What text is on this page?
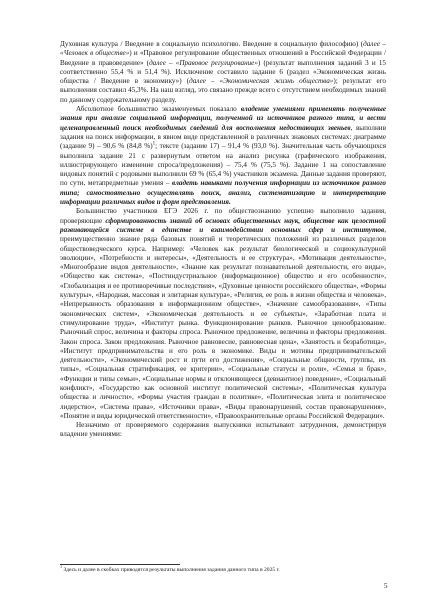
Духовная культура / Введение в социальную психологию. Введение в социальную философию) (далее – «Человек в обществе») и «Правовое регулирование общественных отношений в Российской Федерации / Введение в правоведение» (далее – «Правовое регулирование») (результат выполнения заданий 3 и 15 соответственно 55,4 % и 51,4 %). Исключение составило задание 6 (раздел «Экономическая жизнь общества / Введение в экономику») (далее – «Экономическая жизнь общества»); результат его выполнения составил 45,3%. На наш взгляд, это связано прежде всего с отсутствием необходимых знаний по данному содержательному разделу.

Абсолютное большинство экзаменуемых показало владение умениями применять полученные знания при анализе социальной информации, полученной из источников разного типа, и вести целенаправленный поиск необходимых сведений для восполнения недостающих звеньев, выполнив задания на поиск информации, в явном виде представленной в различных знаковых системах: диаграмме (задание 9) – 90,6 % (84,8 %)$^1$; тексте (задание 17) – 91,4 % (93,0 %). Значительная часть обучающихся выполнила задание 21 с развернутым ответом на анализ рисунка (графического изображения, иллюстрирующего изменение спроса/предложения) – 75,4 % (75,5 %). Задание 1 на сопоставление видовых понятий с родовыми выполнили 69 % (65,4 %) участников экзамена. Данные задания проверяют, по сути, метапредметные умения – владеть навыками получения информации из источников разного типа; самостоятельно осуществлять поиск, анализ, систематизацию и интерпретацию информации различных видов и форм представления.

Большинство участников ЕГЭ 2026 г. по обществознанию успешно выполнило задания, проверяющие сформированность знаний об основах общественных наук, обществе как целостной развивающейся системе в единстве и взаимодействии основных сфер и институтов, преимущественно знание ряда базовых понятий и теоретических положений из различных разделов обществоведческого курса. Например: «Человек как результат биологической и социокультурной эволюции», «Потребности и интересы», «Деятельность и ее структура», «Мотивация деятельности», «Многообразие видов деятельности», «Знание как результат познавательной деятельности, его виды», «Общество как система», «Постиндустриальное (информационное) общество и его особенности», «Глобализация и ее противоречивые последствия», «Духовные ценности российского общества», «Формы культуры», «Народная, массовая и элитарная культура», «Религия, ее роль в жизни общества и человека», «Непрерывность образования в информационном обществе», «Значение самообразования», «Типы экономических систем», «Экономическая деятельность и ее субъекты», «Заработная плата и стимулирование труда», «Институт рынка. Функционирование рынков. Рыночное ценообразование. Рыночный спрос, величина и факторы спроса. Рыночное предложение, величина и факторы предложения. Закон спроса. Закон предложения. Рыночное равновесие, равновесная цена», «Занятость и безработица», «Институт предпринимательства и его роль в экономике. Виды и мотивы предпринимательской деятельности», «Экономический рост и пути его достижения», «Социальные общности, группы, их типы», «Социальная стратификация, ее критерии», «Социальные статусы и роли», «Семья и брак», «Функции и типы семьи», «Социальные нормы и отклоняющееся (девиантное) поведение», «Социальный конфликт», «Государство как основной институт политической системы», «Политическая культура общества и личности», «Формы участия граждан в политике», «Политическая элита и политическое лидерство», «Система права», «Источники права», «Виды правонарушений, состав правонарушения», «Понятие и виды юридической ответственности», «Правоохранительные органы Российской Федерации».

Незначимо от проверяемого содержания выпускники испытывают затруднения, демонстрируя владение умениями:

$^1$ Здесь и далее в скобках приводятся результаты выполнения задания данного типа в 2025 г.
5
